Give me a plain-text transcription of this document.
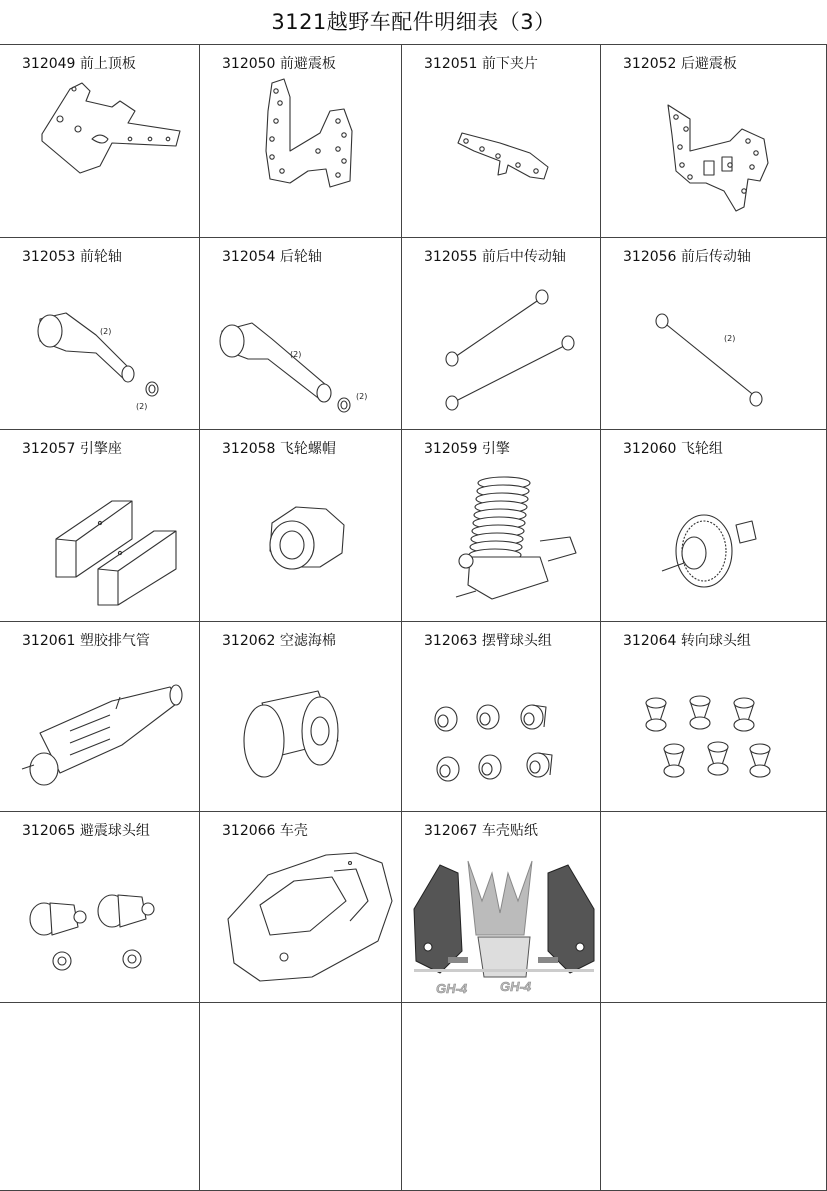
3121越野车配件明细表（3）
312049 前上顶板	312050 前避震板	312051 前下夹片	312052 后避震板
312053 前轮轴	312054 后轮轴	312055 前后中传动轴	312056 前后传动轴
312057 引擎座	312058 飞轮螺帽	312059 引擎	312060 飞轮组
312061 塑胶排气管	312062 空滤海棉	312063 摆臂球头组	312064 转向球头组
312065 避震球头组	312066 车壳	312067 车壳贴纸
(2)
(2)
(2)
(2)
(2)
GH-4	GH-4
